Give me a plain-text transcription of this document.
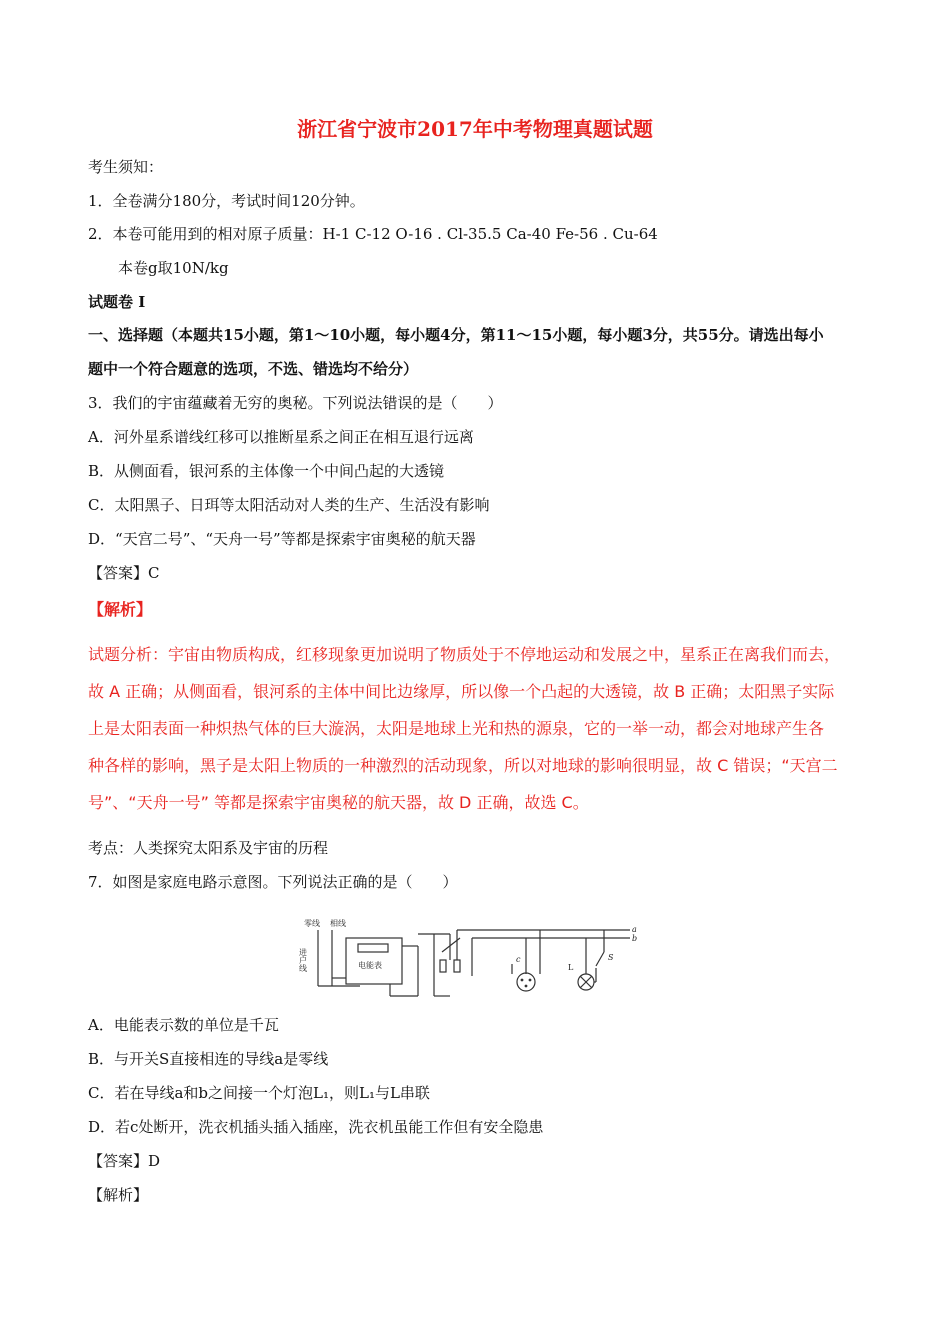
浙江省宁波市2017年中考物理真题试题
考生须知：
1．全卷满分180分，考试时间120分钟。
2．本卷可能用到的相对原子质量：H-1 C-12 O-16 . Cl-35.5 Ca-40 Fe-56 . Cu-64
本卷g取10N/kg
试题卷 I
一、选择题（本题共15小题，第1～10小题，每小题4分，第11～15小题，每小题3分，共55分。请选出每小
题中一个符合题意的选项，不选、错选均不给分）
3．我们的宇宙蕴藏着无穷的奥秘。下列说法错误的是（　　）
A．河外星系谱线红移可以推断星系之间正在相互退行远离
B．从侧面看，银河系的主体像一个中间凸起的大透镜
C．太阳黑子、日珥等太阳活动对人类的生产、生活没有影响
D．“天宫二号”、“天舟一号”等都是探索宇宙奥秘的航天器
【答案】C
【解析】
试题分析：宇宙由物质构成，红移现象更加说明了物质处于不停地运动和发展之中，星系正在离我们而去，
故 A 正确；从侧面看，银河系的主体中间比边缘厚，所以像一个凸起的大透镜，故 B 正确；太阳黑子实际
上是太阳表面一种炽热气体的巨大漩涡，太阳是地球上光和热的源泉，它的一举一动，都会对地球产生各
种各样的影响，黑子是太阳上物质的一种激烈的活动现象，所以对地球的影响很明显，故 C 错误；“天宫二
号”、“天舟一号” 等都是探索宇宙奥秘的航天器，故 D 正确，故选 C。
考点：人类探究太阳系及宇宙的历程
7．如图是家庭电路示意图。下列说法正确的是（　　）
零线 相线
进户线	电能表
a
b
c
L
S
A．电能表示数的单位是千瓦
B．与开关S直接相连的导线a是零线
C．若在导线a和b之间接一个灯泡L₁，则L₁与L串联
D．若c处断开，洗衣机插头插入插座，洗衣机虽能工作但有安全隐患
【答案】D
【解析】
